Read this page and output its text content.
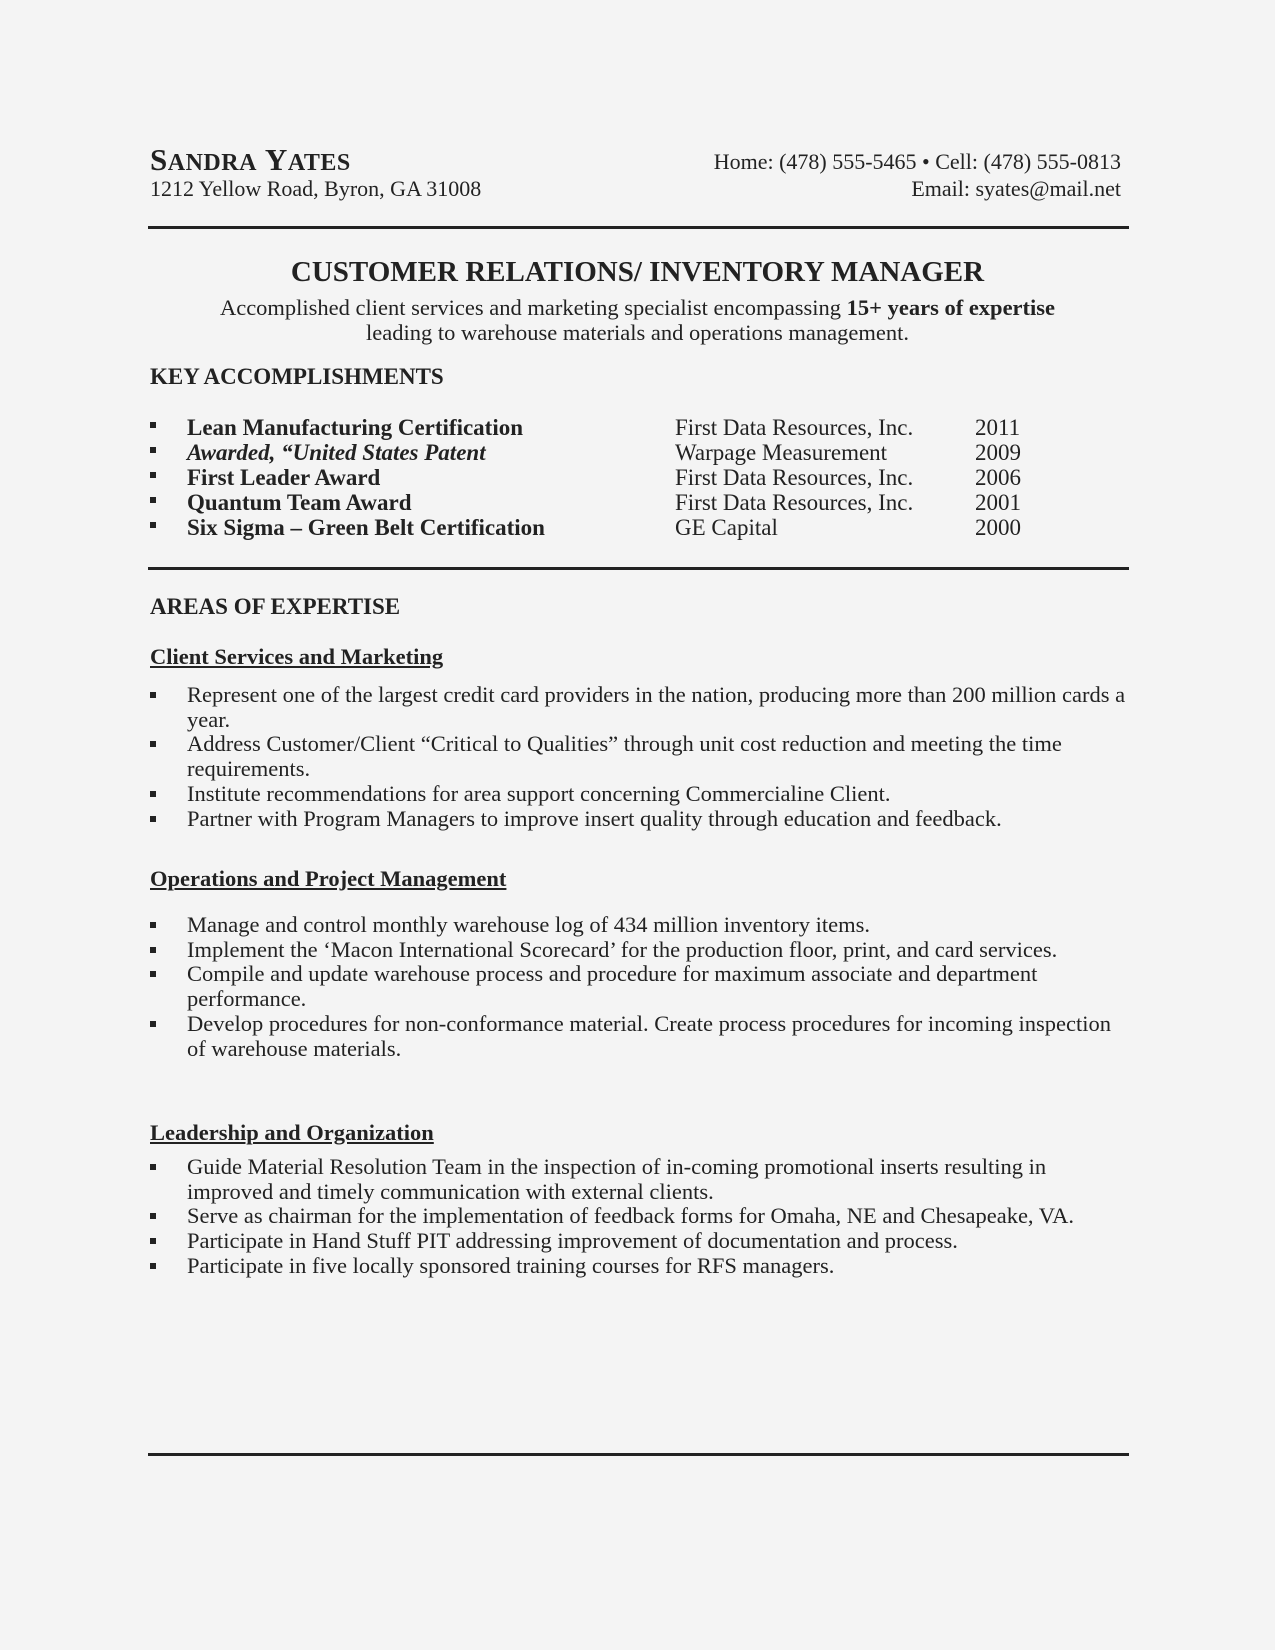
SANDRA YATES
1212 Yellow Road, Byron, GA 31008
Home: (478) 555-5465 • Cell: (478) 555-0813
Email: syates@mail.net
CUSTOMER RELATIONS/ INVENTORY MANAGER
Accomplished client services and marketing specialist encompassing 15+ years of expertise
leading to warehouse materials and operations management.
KEY ACCOMPLISHMENTS
Lean Manufacturing Certification	First Data Resources, Inc.	2011
Awarded, “United States Patent	Warpage Measurement	2009
First Leader Award	First Data Resources, Inc.	2006
Quantum Team Award	First Data Resources, Inc.	2001
Six Sigma – Green Belt Certification	GE Capital	2000
AREAS OF EXPERTISE
Client Services and Marketing
Represent one of the largest credit card providers in the nation, producing more than 200 million cards a year.
Address Customer/Client “Critical to Qualities” through unit cost reduction and meeting the time requirements.
Institute recommendations for area support concerning Commercialine Client.
Partner with Program Managers to improve insert quality through education and feedback.
Operations and Project Management
Manage and control monthly warehouse log of 434 million inventory items.
Implement the ‘Macon International Scorecard’ for the production floor, print, and card services.
Compile and update warehouse process and procedure for maximum associate and department performance.
Develop procedures for non-conformance material. Create process procedures for incoming inspection of warehouse materials.
Leadership and Organization
Guide Material Resolution Team in the inspection of in-coming promotional inserts resulting in improved and timely communication with external clients.
Serve as chairman for the implementation of feedback forms for Omaha, NE and Chesapeake, VA.
Participate in Hand Stuff PIT addressing improvement of documentation and process.
Participate in five locally sponsored training courses for RFS managers.
